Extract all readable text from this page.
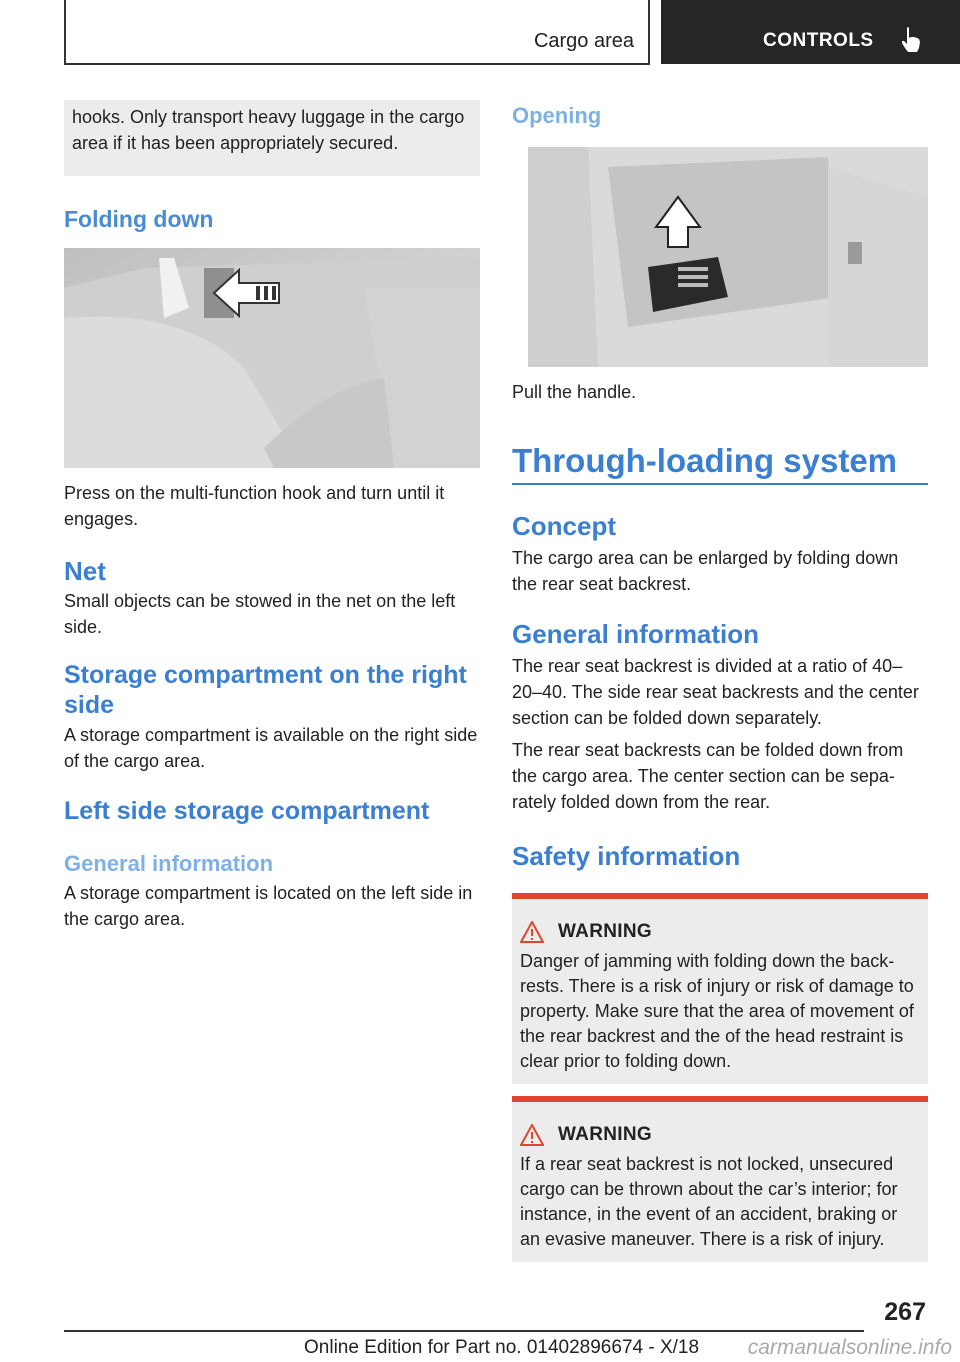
Cargo area	CONTROLS
hooks. Only transport heavy luggage in the cargo area if it has been appropriately secured.
Folding down
Press on the multi-function hook and turn until it engages.
Net
Small objects can be stowed in the net on the left side.
Storage compartment on the right side
A storage compartment is available on the right side of the cargo area.
Left side storage compartment
General information
A storage compartment is located on the left side in the cargo area.
Opening
Pull the handle.
Through-loading system
Concept
The cargo area can be enlarged by folding down the rear seat backrest.
General information
The rear seat backrest is divided at a ratio of 40–20–40. The side rear seat backrests and the center section can be folded down separately.
The rear seat backrests can be folded down from the cargo area. The center section can be separately folded down from the rear.
Safety information
WARNING
Danger of jamming with folding down the backrests. There is a risk of injury or risk of damage to property. Make sure that the area of movement of the rear backrest and the of the head restraint is clear prior to folding down.
WARNING
If a rear seat backrest is not locked, unsecured cargo can be thrown about the car’s interior; for instance, in the event of an accident, braking or an evasive maneuver. There is a risk of injury.
267
Online Edition for Part no. 01402896674 - X/18 carmanualsonline.info
